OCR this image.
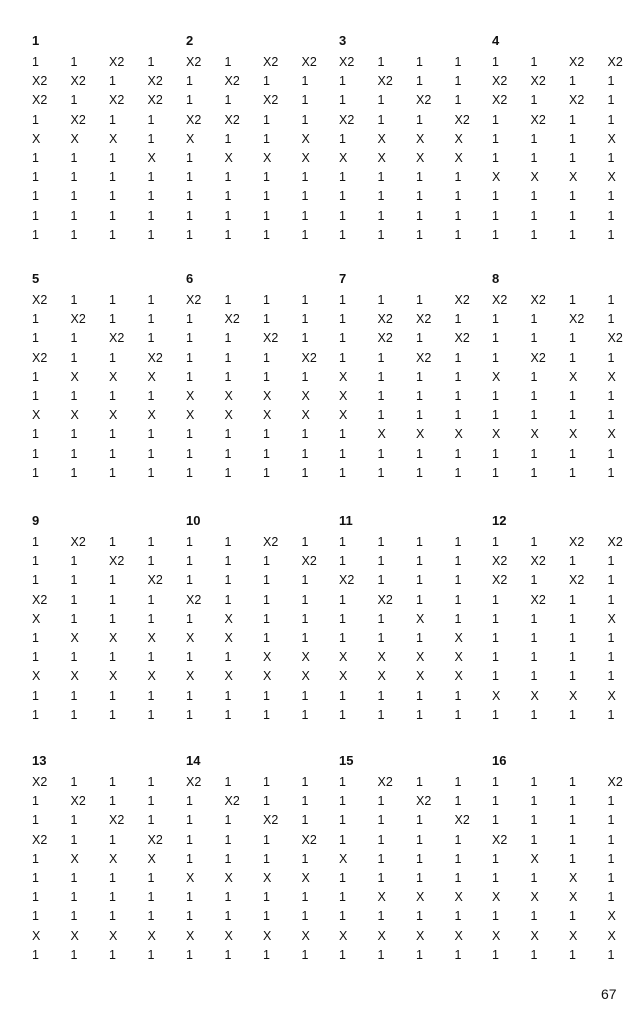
1
1	1	X2	1
X2	X2	1	X2
X2	1	X2	X2
1	X2	1	1
X	X	X	1
1	1	1	X
1	1	1	1
1	1	1	1
1	1	1	1
1	1	1	1
2
X2	1	X2	X2
1	X2	1	1
1	1	X2	1
X2	X2	1	1
X	1	1	X
1	X	X	X
1	1	1	1
1	1	1	1
1	1	1	1
1	1	1	1
3
X2	1	1	1
1	X2	1	1
1	1	X2	1
X2	1	1	X2
1	X	X	X
X	X	X	X
1	1	1	1
1	1	1	1
1	1	1	1
1	1	1	1
4
1	1	X2	X2
X2	X2	1	1
X2	1	X2	1
1	X2	1	1
1	1	1	X
1	1	1	1
X	X	X	X
1	1	1	1
1	1	1	1
1	1	1	1
5
X2	1	1	1
1	X2	1	1
1	1	X2	1
X2	1	1	X2
1	X	X	X
1	1	1	1
X	X	X	X
1	1	1	1
1	1	1	1
1	1	1	1
6
X2	1	1	1
1	X2	1	1
1	1	X2	1
1	1	1	X2
1	1	1	1
X	X	X	X
X	X	X	X
1	1	1	1
1	1	1	1
1	1	1	1
7
1	1	1	X2
1	X2	X2	1
1	X2	1	X2
1	1	X2	1
X	1	1	1
X	1	1	1
X	1	1	1
1	X	X	X
1	1	1	1
1	1	1	1
8
X2	X2	1	1
1	1	X2	1
1	1	1	X2
1	X2	1	1
X	1	X	X
1	1	1	1
1	1	1	1
X	X	X	X
1	1	1	1
1	1	1	1
9
1	X2	1	1
1	1	X2	1
1	1	1	X2
X2	1	1	1
X	1	1	1
1	X	X	X
1	1	1	1
X	X	X	X
1	1	1	1
1	1	1	1
10
1	1	X2	1
1	1	1	X2
1	1	1	1
X2	1	1	1
1	X	1	1
X	X	1	1
1	1	X	X
X	X	X	X
1	1	1	1
1	1	1	1
11
1	1	1	1
1	1	1	1
X2	1	1	1
1	X2	1	1
1	1	X	1
1	1	1	X
X	X	X	X
X	X	X	X
1	1	1	1
1	1	1	1
12
1	1	X2	X2
X2	X2	1	1
X2	1	X2	1
1	X2	1	1
1	1	1	X
1	1	1	1
1	1	1	1
1	1	1	1
X	X	X	X
1	1	1	1
13
X2	1	1	1
1	X2	1	1
1	1	X2	1
X2	1	1	X2
1	X	X	X
1	1	1	1
1	1	1	1
1	1	1	1
X	X	X	X
1	1	1	1
14
X2	1	1	1
1	X2	1	1
1	1	X2	1
1	1	1	X2
1	1	1	1
X	X	X	X
1	1	1	1
1	1	1	1
X	X	X	X
1	1	1	1
15
1	X2	1	1
1	1	X2	1
1	1	1	X2
1	1	1	1
X	1	1	1
1	1	1	1
1	X	X	X
1	1	1	1
X	X	X	X
1	1	1	1
16
1	1	1	X2
1	1	1	1
1	1	1	1
X2	1	1	1
1	X	1	1
1	1	X	1
X	X	X	1
1	1	1	X
X	X	X	X
1	1	1	1
67
